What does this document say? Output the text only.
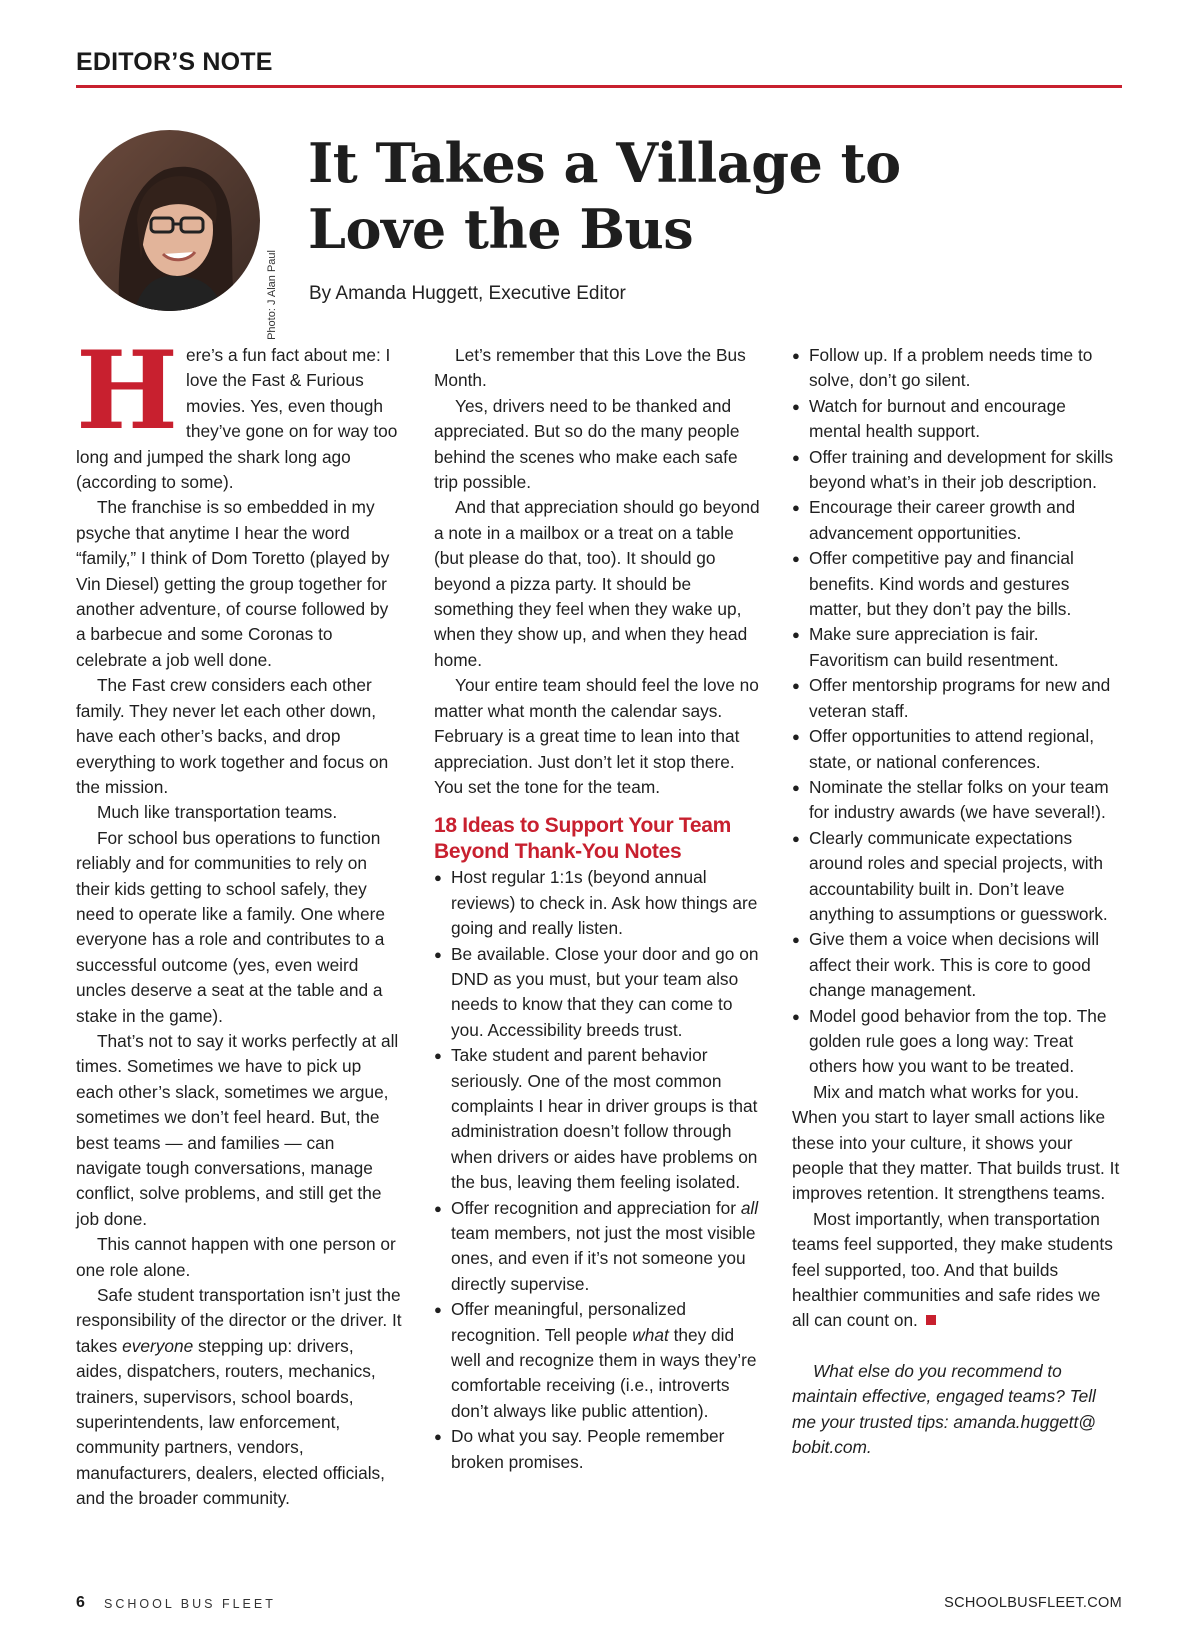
EDITOR’S NOTE
Photo: J Alan Paul
It Takes a Village to
Love the Bus
By Amanda Huggett, Executive Editor

Here’s a fun fact about me: I love the Fast & Furious movies. Yes, even though they’ve gone on for way too long and jumped the shark long ago (according to some).

The franchise is so embedded in my psyche that anytime I hear the word “family,” I think of Dom Toretto (played by Vin Diesel) getting the group together for another adventure, of course followed by a barbecue and some Coronas to celebrate a job well done.

The Fast crew considers each other family. They never let each other down, have each other’s backs, and drop everything to work together and focus on the mission.

Much like transportation teams.

For school bus operations to function reliably and for communities to rely on their kids getting to school safely, they need to operate like a family. One where everyone has a role and contributes to a successful outcome (yes, even weird uncles deserve a seat at the table and a stake in the game).

That’s not to say it works perfectly at all times. Sometimes we have to pick up each other’s slack, sometimes we argue, sometimes we don’t feel heard. But, the best teams — and families — can navigate tough conversations, manage conflict, solve problems, and still get the job done.

This cannot happen with one person or one role alone.

Safe student transportation isn’t just the responsibility of the director or the driver. It takes everyone stepping up: drivers, aides, dispatchers, routers, mechanics, trainers, supervisors, school boards, superintendents, law enforcement, community partners, vendors, manufacturers, dealers, elected officials, and the broader community.

Let’s remember that this Love the Bus Month.

Yes, drivers need to be thanked and appreciated. But so do the many people behind the scenes who make each safe trip possible.

And that appreciation should go beyond a note in a mailbox or a treat on a table (but please do that, too). It should go beyond a pizza party. It should be something they feel when they wake up, when they show up, and when they head home.

Your entire team should feel the love no matter what month the calendar says. February is a great time to lean into that appreciation. Just don’t let it stop there. You set the tone for the team.

18 Ideas to Support Your Team Beyond Thank-You Notes

● Host regular 1:1s (beyond annual reviews) to check in. Ask how things are going and really listen.
● Be available. Close your door and go on DND as you must, but your team also needs to know that they can come to you. Accessibility breeds trust.
● Take student and parent behavior seriously. One of the most common complaints I hear in driver groups is that administration doesn’t follow through when drivers or aides have problems on the bus, leaving them feeling isolated.
● Offer recognition and appreciation for all team members, not just the most visible ones, and even if it’s not someone you directly supervise.
● Offer meaningful, personalized recognition. Tell people what they did well and recognize them in ways they’re comfortable receiving (i.e., introverts don’t always like public attention).
● Do what you say. People remember broken promises.
● Follow up. If a problem needs time to solve, don’t go silent.
● Watch for burnout and encourage mental health support.
● Offer training and development for skills beyond what’s in their job description.
● Encourage their career growth and advancement opportunities.
● Offer competitive pay and financial benefits. Kind words and gestures matter, but they don’t pay the bills.
● Make sure appreciation is fair. Favoritism can build resentment.
● Offer mentorship programs for new and veteran staff.
● Offer opportunities to attend regional, state, or national conferences.
● Nominate the stellar folks on your team for industry awards (we have several!).
● Clearly communicate expectations around roles and special projects, with accountability built in. Don’t leave anything to assumptions or guesswork.
● Give them a voice when decisions will affect their work. This is core to good change management.
● Model good behavior from the top. The golden rule goes a long way: Treat others how you want to be treated.

Mix and match what works for you. When you start to layer small actions like these into your culture, it shows your people that they matter. That builds trust. It improves retention. It strengthens teams.

Most importantly, when transportation teams feel supported, they make students feel supported, too. And that builds healthier communities and safe rides we all can count on.

What else do you recommend to maintain effective, engaged teams? Tell me your trusted tips: amanda.huggett@ bobit.com.

6 SCHOOL BUS FLEET	SCHOOLBUSFLEET.COM
